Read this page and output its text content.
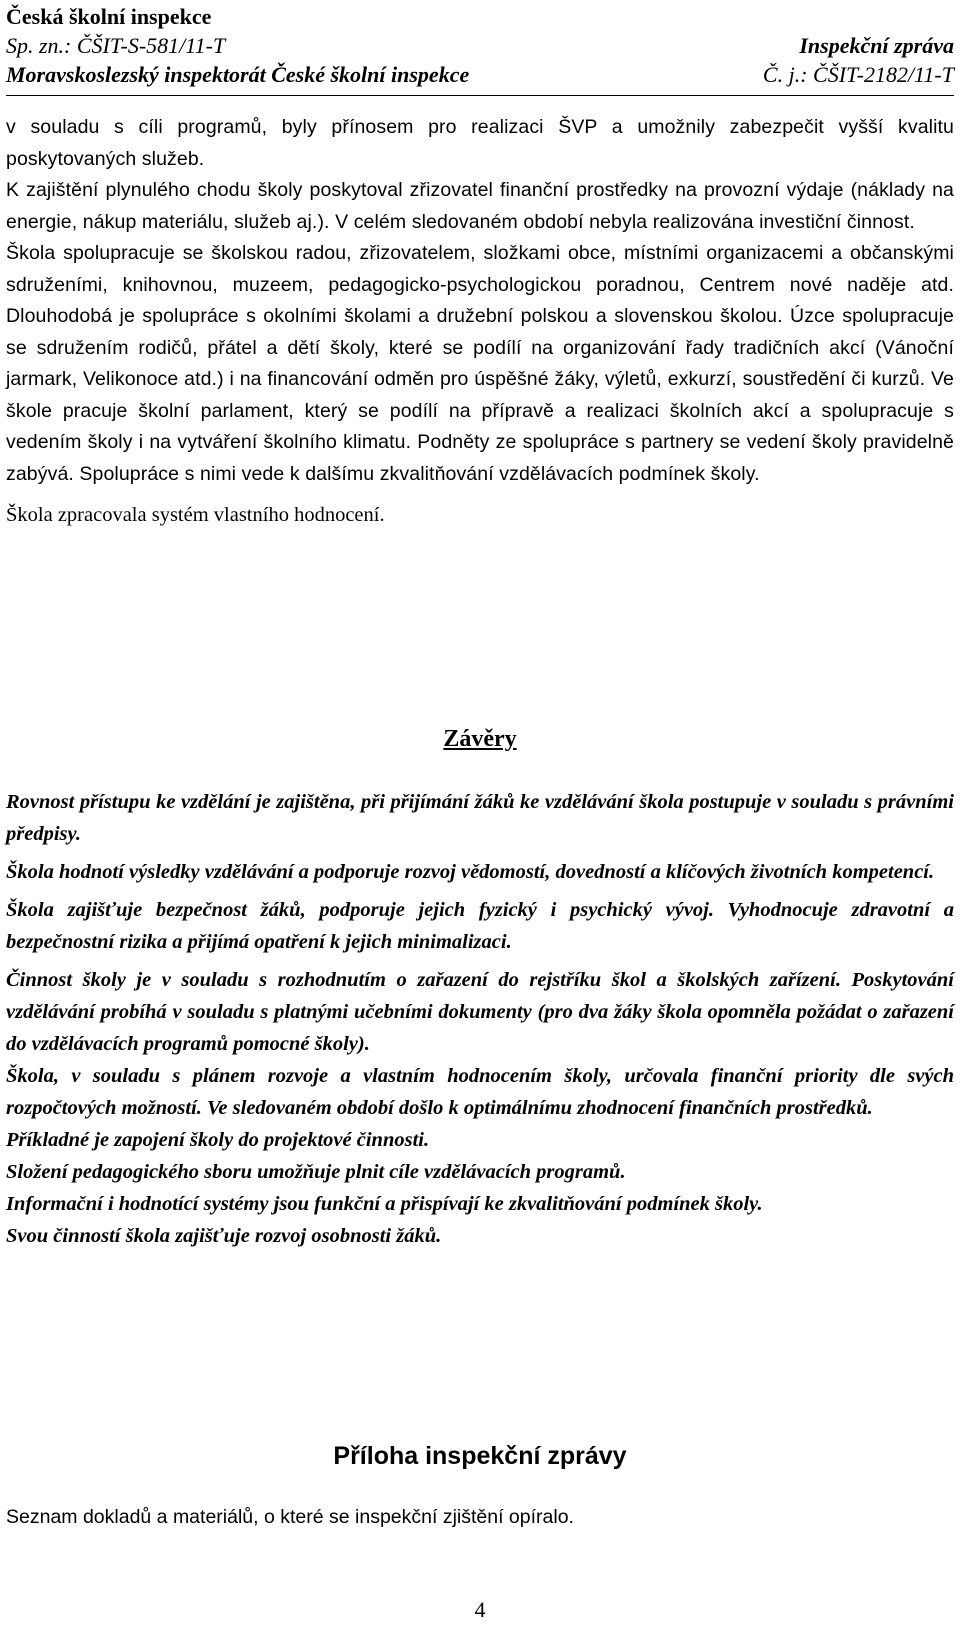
Česká školní inspekce
Sp. zn.: ČŠIT-S-581/11-T	Inspekční zpráva
Moravskoslezský inspektorát České školní inspekce	Č. j.: ČŠIT-2182/11-T

v souladu s cíli programů, byly přínosem pro realizaci ŠVP a umožnily zabezpečit vyšší kvalitu poskytovaných služeb.

K zajištění plynulého chodu školy poskytoval zřizovatel finanční prostředky na provozní výdaje (náklady na energie, nákup materiálu, služeb aj.). V celém sledovaném období nebyla realizována investiční činnost.

Škola spolupracuje se školskou radou, zřizovatelem, složkami obce, místními organizacemi a občanskými sdruženími, knihovnou, muzeem, pedagogicko-psychologickou poradnou, Centrem nové naděje atd. Dlouhodobá je spolupráce s okolními školami a družební polskou a slovenskou školou. Úzce spolupracuje se sdružením rodičů, přátel a dětí školy, které se podílí na organizování řady tradičních akcí (Vánoční jarmark, Velikonoce atd.) i na financování odměn pro úspěšné žáky, výletů, exkurzí, soustředění či kurzů. Ve škole pracuje školní parlament, který se podílí na přípravě a realizaci školních akcí a spolupracuje s vedením školy i na vytváření školního klimatu. Podněty ze spolupráce s partnery se vedení školy pravidelně zabývá. Spolupráce s nimi vede k dalšímu zkvalitňování vzdělávacích podmínek školy.

Škola zpracovala systém vlastního hodnocení.

Závěry

Rovnost přístupu ke vzdělání je zajištěna, při přijímání žáků ke vzdělávání škola postupuje v souladu s právními předpisy.

Škola hodnotí výsledky vzdělávání a podporuje rozvoj vědomostí, dovedností a klíčových životních kompetencí.

Škola zajišťuje bezpečnost žáků, podporuje jejich fyzický i psychický vývoj. Vyhodnocuje zdravotní a bezpečnostní rizika a přijímá opatření k jejich minimalizaci.

Činnost školy je v souladu s rozhodnutím o zařazení do rejstříku škol a školských zařízení. Poskytování vzdělávání probíhá v souladu s platnými učebními dokumenty (pro dva žáky škola opomněla požádat o zařazení do vzdělávacích programů pomocné školy).

Škola, v souladu s plánem rozvoje a vlastním hodnocením školy, určovala finanční priority dle svých rozpočtových možností. Ve sledovaném období došlo k optimálnímu zhodnocení finančních prostředků.

Příkladné je zapojení školy do projektové činnosti.

Složení pedagogického sboru umožňuje plnit cíle vzdělávacích programů.

Informační i hodnotící systémy jsou funkční a přispívají ke zkvalitňování podmínek školy.

Svou činností škola zajišťuje rozvoj osobnosti žáků.

Příloha inspekční zprávy
Seznam dokladů a materiálů, o které se inspekční zjištění opíralo.
4
